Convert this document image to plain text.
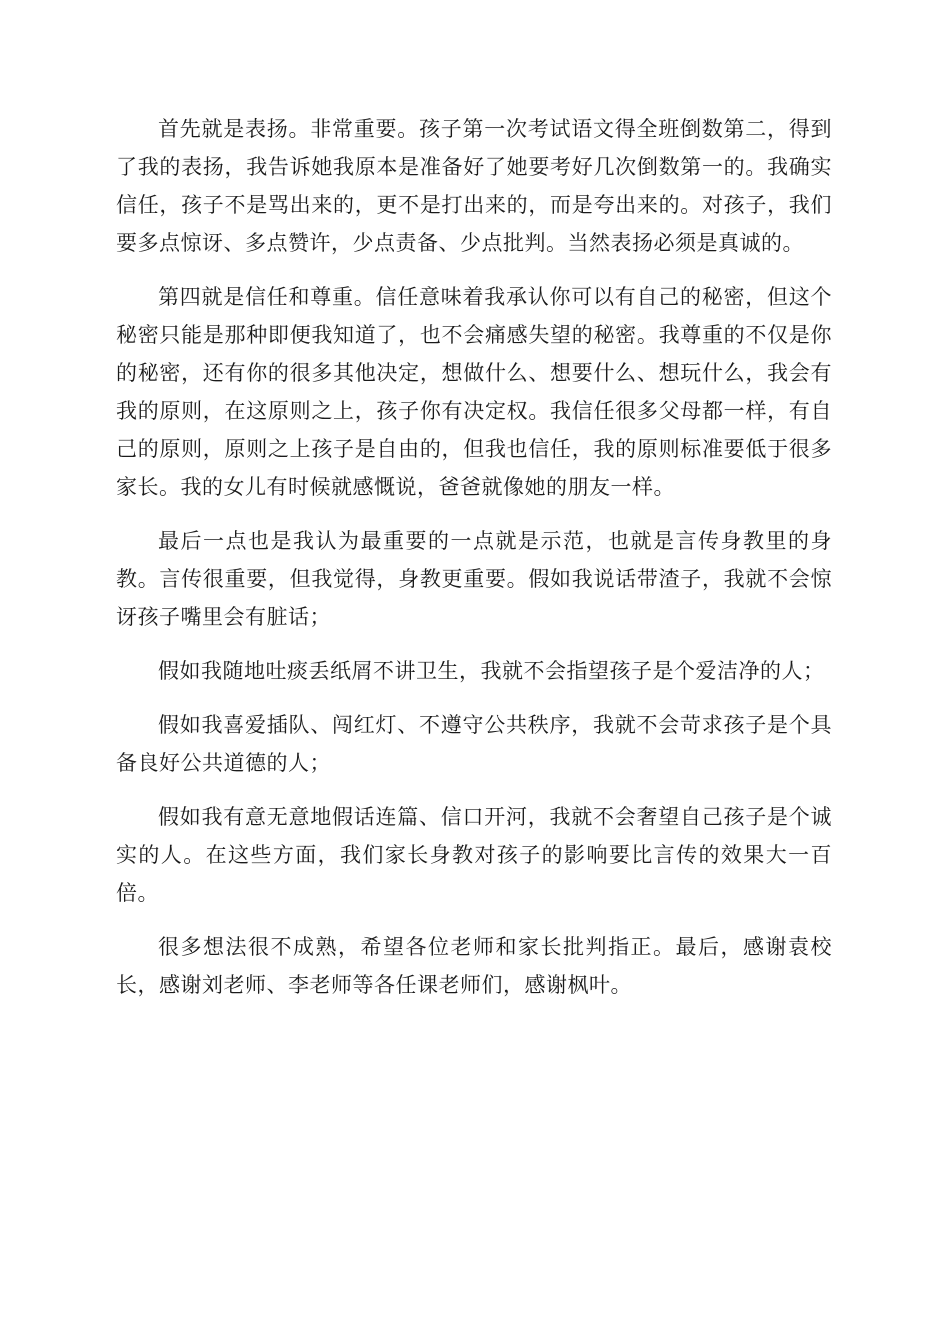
首先就是表扬。非常重要。孩子第一次考试语文得全班倒数第二，得到了我的表扬，我告诉她我原本是准备好了她要考好几次倒数第一的。我确实信任，孩子不是骂出来的，更不是打出来的，而是夸出来的。对孩子，我们要多点惊讶、多点赞许，少点责备、少点批判。当然表扬必须是真诚的。

第四就是信任和尊重。信任意味着我承认你可以有自己的秘密，但这个秘密只能是那种即便我知道了，也不会痛感失望的秘密。我尊重的不仅是你的秘密，还有你的很多其他决定，想做什么、想要什么、想玩什么，我会有我的原则，在这原则之上，孩子你有决定权。我信任很多父母都一样，有自己的原则，原则之上孩子是自由的，但我也信任，我的原则标准要低于很多家长。我的女儿有时候就感慨说，爸爸就像她的朋友一样。

最后一点也是我认为最重要的一点就是示范，也就是言传身教里的身教。言传很重要，但我觉得，身教更重要。假如我说话带渣子，我就不会惊讶孩子嘴里会有脏话；

假如我随地吐痰丢纸屑不讲卫生，我就不会指望孩子是个爱洁净的人；

假如我喜爱插队、闯红灯、不遵守公共秩序，我就不会苛求孩子是个具备良好公共道德的人；

假如我有意无意地假话连篇、信口开河，我就不会奢望自己孩子是个诚实的人。在这些方面，我们家长身教对孩子的影响要比言传的效果大一百倍。

很多想法很不成熟，希望各位老师和家长批判指正。最后，感谢袁校长，感谢刘老师、李老师等各任课老师们，感谢枫叶。
